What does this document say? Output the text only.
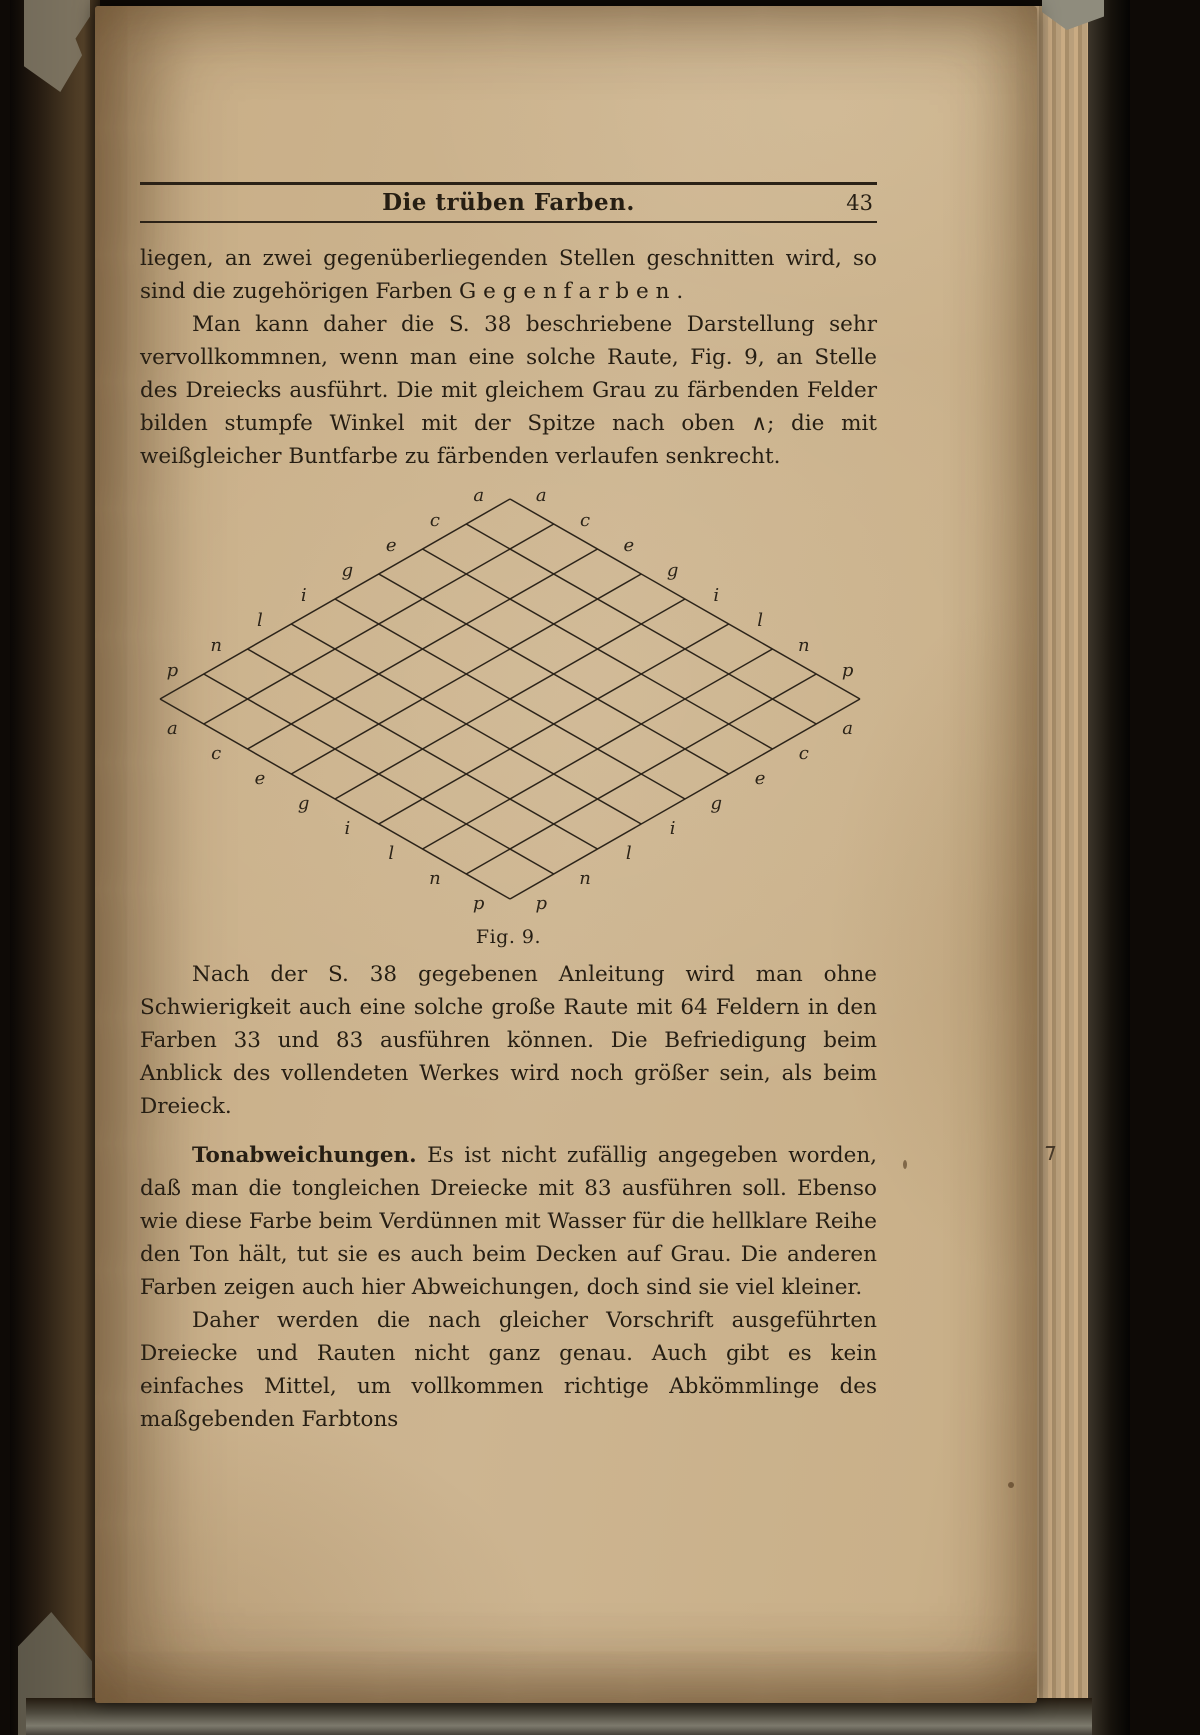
Die trüben Farben.	43

liegen, an zwei gegenüberliegenden Stellen geschnitten wird, so sind die zugehörigen Farben Gegenfarben.

Man kann daher die S. 38 beschriebene Darstellung sehr vervollkommnen, wenn man eine solche Raute, Fig. 9, an Stelle des Dreiecks ausführt. Die mit gleichem Grau zu färbenden Felder bilden stumpfe Winkel mit der Spitze nach oben ∧; die mit weißgleicher Buntfarbe zu färbenden verlaufen senkrecht.

a
c
e
g
i
l
n
p
a
c
e
g
i
l
n
p
a
c
e
g
i
l
n
p
a
c
e
g
i
l
n
p
Fig. 9.

Nach der S. 38 gegebenen Anleitung wird man ohne Schwierigkeit auch eine solche große Raute mit 64 Feldern in den Farben 33 und 83 ausführen können. Die Befriedigung beim Anblick des vollendeten Werkes wird noch größer sein, als beim Dreieck.

Tonabweichungen. Es ist nicht zufällig angegeben worden, daß man die tongleichen Dreiecke mit 83 ausführen soll. Ebenso wie diese Farbe beim Verdünnen mit Wasser für die hellklare Reihe den Ton hält, tut sie es auch beim Decken auf Grau. Die anderen Farben zeigen auch hier Abweichungen, doch sind sie viel kleiner.

Daher werden die nach gleicher Vorschrift ausgeführten Dreiecke und Rauten nicht ganz genau. Auch gibt es kein einfaches Mittel, um vollkommen richtige Abkömmlinge des maßgebenden Farbtons
